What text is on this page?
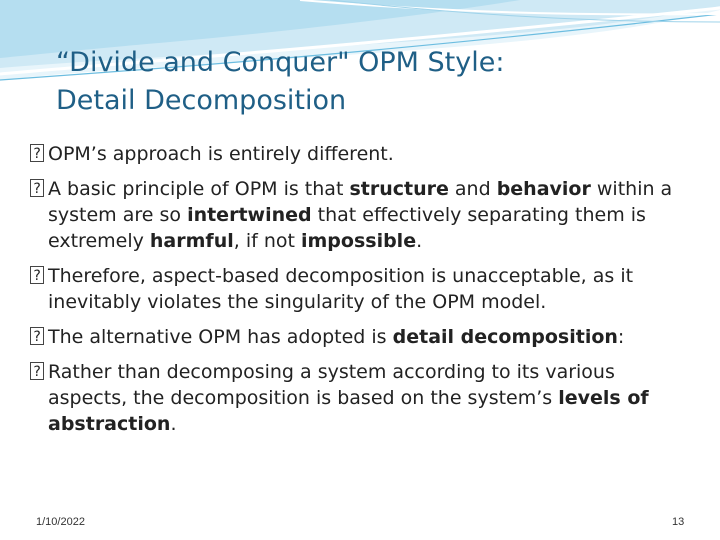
“Divide and Conquer" OPM Style:
Detail Decomposition
? OPM’s approach is entirely different.
? A basic principle of OPM is that structure and behavior within a system are so intertwined that effectively separating them is extremely harmful, if not impossible.
? Therefore, aspect-based decomposition is unacceptable, as it inevitably violates the singularity of the OPM model.
? The alternative OPM has adopted is detail decomposition:
? Rather than decomposing a system according to its various aspects, the decomposition is based on the system’s levels of abstraction.
1/10/2022	13
